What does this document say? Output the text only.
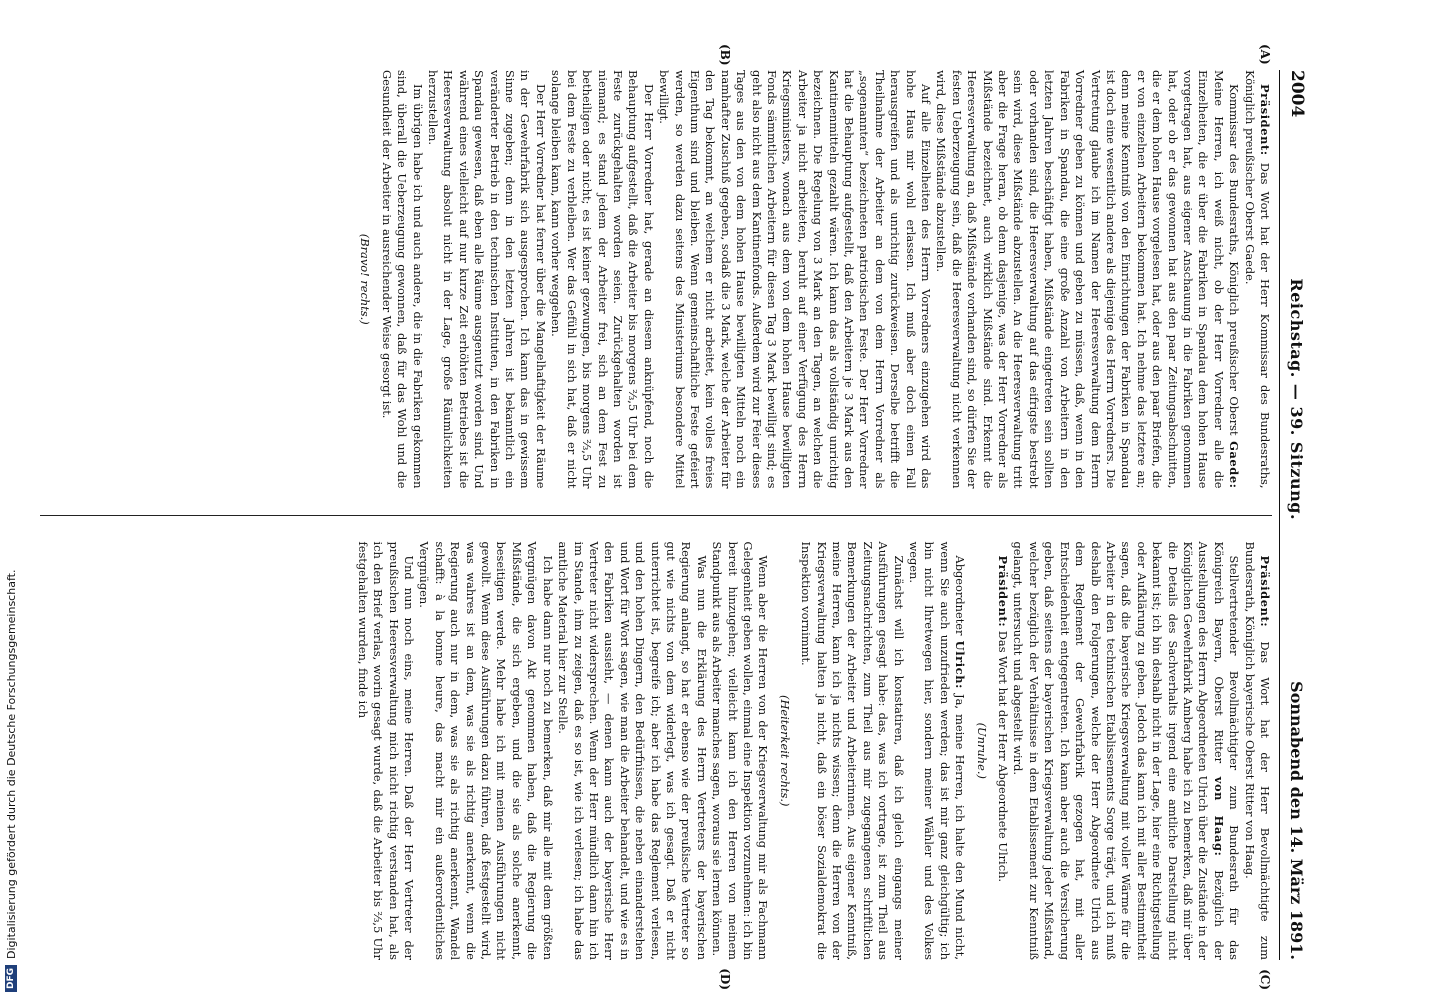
2004
Reichstag. — 39. Sitzung.
Sonnabend den 14. März 1891.
(A)
(B)

Präsident: Das Wort hat der Herr Kommissar des Bundesraths, Königlich preußischer Oberst Gaede.

Kommissar des Bundesraths, Königlich preußischer Oberst Gaede: Meine Herren, ich weiß nicht, ob der Herr Vorredner alle die Einzelheiten, die er über die Fabriken in Spandau dem hohen Hause vorgetragen hat, aus eigener Anschauung in die Fabriken genommen hat, oder ob er das gewonnen hat aus den paar Zeitungsabschnitten, die er dem hohen Hause vorgelesen hat, oder aus den paar Briefen, die er von einzelnen Arbeitern bekommen hat. Ich nehme das letztere an; denn meine Kenntniß von den Einrichtungen der Fabriken in Spandau ist doch eine wesentlich andere als diejenige des Herrn Vorredners. Die Vertretung glaube ich im Namen der Heeresverwaltung dem Herrn Vorredner geben zu können und geben zu müssen, daß, wenn in den Fabriken in Spandau, die eine große Anzahl von Arbeitern in den letzten Jahren beschäftigt haben, Mißstände eingetreten sein sollten oder vorhanden sind, die Heeresverwaltung auf das eifrigste bestrebt sein wird, diese Mißstände abzustellen. An die Heeresverwaltung tritt aber die Frage heran, ob denn dasjenige, was der Herr Vorredner als Mißstände bezeichnet, auch wirklich Mißstände sind. Erkennt die Heeresverwaltung an, daß Mißstände vorhanden sind, so dürfen Sie der festen Ueberzeugung sein, daß die Heeresverwaltung nicht verkennen wird, diese Mißstände abzustellen.

Auf alle Einzelheiten des Herrn Vorredners einzugehen wird das hohe Haus mir wohl erlassen. Ich muß aber doch einen Fall herausgreifen und als unrichtig zurückweisen. Derselbe betrifft die Theilnahme der Arbeiter an dem von dem Herrn Vorredner als „sogenannten“ bezeichneten patriotischen Feste. Der Herr Vorredner hat die Behauptung aufgestellt, daß den Arbeitern je 3 Mark aus den Kantinenmitteln gezahlt wären. Ich kann das als vollständig unrichtig bezeichnen. Die Regelung von 3 Mark an den Tagen, an welchen die Arbeiter ja nicht arbeiteten, beruht auf einer Verfügung des Herrn Kriegsministers, wonach aus dem von dem hohen Hause bewilligten Fonds sämmtlichen Arbeitern für diesen Tag 3 Mark bewilligt sind; es geht also nicht aus dem Kantinenfonds. Außerdem wird zur Feier dieses Tages aus den von dem hohen Hause bewilligten Mitteln noch ein namhafter Zuschuß gegeben, sodaß die 3 Mark, welche der Arbeiter für den Tag bekommt, an welchem er nicht arbeitet, kein volles freies Eigenthum sind und bleiben. Wenn gemeinschaftliche Feste gefeiert werden, so werden dazu seitens des Ministeriums besondere Mittel bewilligt.

Der Herr Vorredner hat, gerade an diesem anknüpfend, noch die Behauptung aufgestellt, daß die Arbeiter bis morgens ⅔,5 Uhr bei dem Feste zurückgehalten worden seien. Zurückgehalten worden ist niemand; es stand jedem der Arbeiter frei, sich an dem Fest zu betheiligen oder nicht; es ist keiner gezwungen, bis morgens ⅔,5 Uhr bei dem Feste zu verbleiben. Wer das Gefühl in sich hat, daß er nicht solange bleiben kann, kann vorher weggehen.

Der Herr Vorredner hat ferner über die Mangelhaftigkeit der Räume in der Gewehrfabrik sich ausgesprochen. Ich kann das in gewissem Sinne zugeben; denn in den letzten Jahren ist bekanntlich ein veränderter Betrieb in den technischen Instituten, in den Fabriken in Spandau gewesen, daß eben alle Räume ausgenutzt worden sind. Und während eines vielleicht auf nur kurze Zeit erhöhten Betriebes ist die Heeresverwaltung absolut nicht in der Lage, große Räumlichkeiten herzustellen.

Im übrigen habe ich und auch andere, die in die Fabriken gekommen sind, überall die Ueberzeugung gewonnen, daß für das Wohl und die Gesundheit der Arbeiter in ausreichender Weise gesorgt ist.

(Bravo! rechts.)

(C)
(D)

Präsident: Das Wort hat der Herr Bevollmächtigte zum Bundesrath, Königlich bayerische Oberst Ritter von Haag.

Stellvertretender Bevollmächtigter zum Bundesrath für das Königreich Bayern, Oberst Ritter von Haag: Bezüglich der Ausstellungen des Herrn Abgeordneten Ulrich über die Zustände in der Königlichen Gewehrfabrik Amberg habe ich zu bemerken, daß mir über die Details des Sachverhalts irgend eine amtliche Darstellung nicht bekannt ist; ich bin deshalb nicht in der Lage, hier eine Richtigstellung oder Aufklärung zu geben. Jedoch das kann ich mit aller Bestimmtheit sagen, daß die bayerische Kriegsverwaltung mit voller Wärme für die Arbeiter in den technischen Etablissements Sorge trägt, und ich muß deshalb den Folgerungen, welche der Herr Abgeordnete Ulrich aus dem Reglement der Gewehrfabrik gezogen hat, mit aller Entschiedenheit entgegentreten. Ich kann aber auch die Versicherung geben, daß seitens der bayerischen Kriegsverwaltung jeder Mißstand, welcher bezüglich der Verhältnisse in dem Etablissement zur Kenntniß gelangt, untersucht und abgestellt wird.

Präsident: Das Wort hat der Herr Abgeordnete Ulrich.

(Unruhe.)

Abgeordneter Ulrich: Ja, meine Herren, ich halte den Mund nicht, wenn Sie auch unzufrieden werden; das ist mir ganz gleichgültig; ich bin nicht Ihretwegen hier, sondern meiner Wähler und des Volkes wegen.

Zunächst will ich konstatiren, daß ich gleich eingangs meiner Ausführungen gesagt habe: das, was ich vortrage, ist zum Theil aus Zeitungsnachrichten, zum Theil aus mir zugegangenen schriftlichen Bemerkungen der Arbeiter und Arbeiterinnen. Aus eigener Kenntniß, meine Herren, kann ich ja nichts wissen; denn die Herren von der Kriegsverwaltung halten ja nicht, daß ein böser Sozialdemokrat die Inspektion vornimmt.

(Heiterkeit rechts.)

Wenn aber die Herren von der Kriegsverwaltung mir als Fachmann Gelegenheit geben wollen, einmal eine Inspektion vorzunehmen: ich bin bereit hinzugehen; vielleicht kann ich den Herren von meinem Standpunkt aus als Arbeiter manches sagen, woraus sie lernen können.

Was nun die Erklärung des Herrn Vertreters der bayerischen Regierung anlangt, so hat er ebenso wie der preußische Vertreter so gut wie nichts von dem widerlegt, was ich gesagt. Daß er nicht unterrichtet ist, begreife ich; aber ich habe das Reglement verlesen, und den hohen Dingern, den Bedürfnissen, die neben einanderstehen und Wort für Wort sagen, wie man die Arbeiter behandelt, und wie es in den Fabriken aussieht, — denen kann auch der bayerische Herr Vertreter nicht widersprechen. Wenn der Herr mündlich dann hin ich im Stande, ihm zu zeigen, daß es so ist, wie ich verlesen; ich habe das amtliche Material hier zur Stelle.

Ich habe dann nur noch zu bemerken, daß mir alle mit dem größten Vergnügen davon Akt genommen haben, daß die Regierung die Mißstände, die sich ergeben, und die sie als solche anerkennt, beseitigen werde. Mehr habe ich mit meinen Ausführungen nicht gewollt. Wenn diese Ausführungen dazu führen, daß festgestellt wird, was wahres ist an dem, was sie als richtig anerkennt, wenn die Regierung auch nur in dem, was sie als richtig anerkennt, Wandel schafft: à la bonne heure, das macht mir ein außerordentliches Vergnügen.

Und nun noch eins, meine Herren. Daß der Herr Vertreter der preußischen Heeresverwaltung mich nicht richtig verstanden hat, als ich den Brief verlas, worin gesagt wurde, daß die Arbeiter bis ⅔,5 Uhr festgehalten wurden, finde ich

DFG
Digitalisierung gefördert durch die Deutsche Forschungsgemeinschaft.
